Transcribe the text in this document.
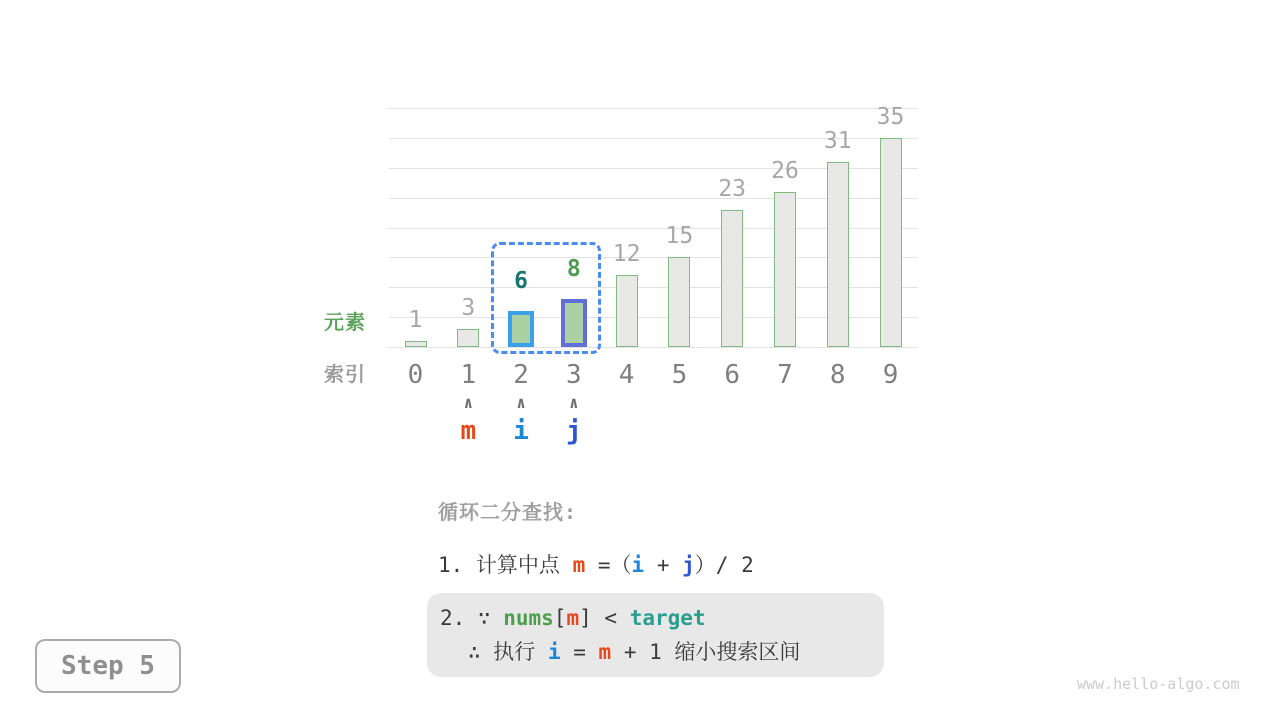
元素
索引
循环二分查找:
1. 计算中点 m =（i + j）/ 2
2. ∵ nums[m] < target
∴ 执行 i = m + 1 缩小搜索区间
Step 5
www.hello-algo.com
1
0
3
1
6
2
8
3
12
4
15
5
23
6
26
7
31
8
35
9
∧
m
∧
i
∧
j
